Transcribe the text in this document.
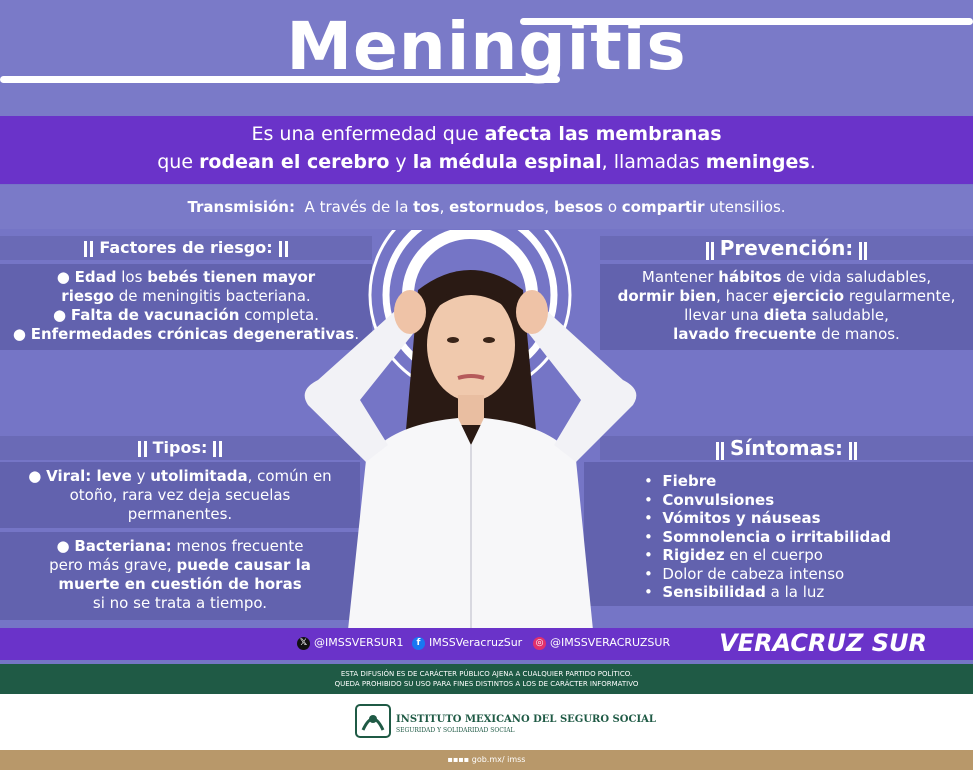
Meningitis
Es una enfermedad que afecta las membranas
que rodean el cerebro y la médula espinal, llamadas meninges.
Transmisión: A través de la tos, estornudos, besos o compartir utensilios.
Factores de riesgo:
● Edad los bebés tienen mayor
riesgo de meningitis bacteriana.
● Falta de vacunación completa.
● Enfermedades crónicas degenerativas.
Prevención:
Mantener hábitos de vida saludables,
dormir bien, hacer ejercicio regularmente,
llevar una dieta saludable,
lavado frecuente de manos.
Tipos:
● Viral: leve y utolimitada, común en
otoño, rara vez deja secuelas
permanentes.
● Bacteriana: menos frecuente
pero más grave, puede causar la
muerte en cuestión de horas
si no se trata a tiempo.
Síntomas:
•  Fiebre
•  Convulsiones
•  Vómitos y náuseas
•  Somnolencia o irritabilidad
•  Rigidez en el cuerpo
•  Dolor de cabeza intenso
•  Sensibilidad a la luz
𝕏 @IMSSVERSUR1	f IMSSVeracruzSur ◎ @IMSSVERACRUZSUR VERACRUZ SUR
ESTA DIFUSIÓN ES DE CARÁCTER PÚBLICO AJENA A CUALQUIER PARTIDO POLÍTICO.
QUEDA PROHIBIDO SU USO PARA FINES DISTINTOS A LOS DE CARÁCTER INFORMATIVO
INSTITUTO MEXICANO DEL SEGURO SOCIAL
SEGURIDAD Y SOLIDARIDAD SOCIAL
▪▪▪▪ gob.mx/ imss
